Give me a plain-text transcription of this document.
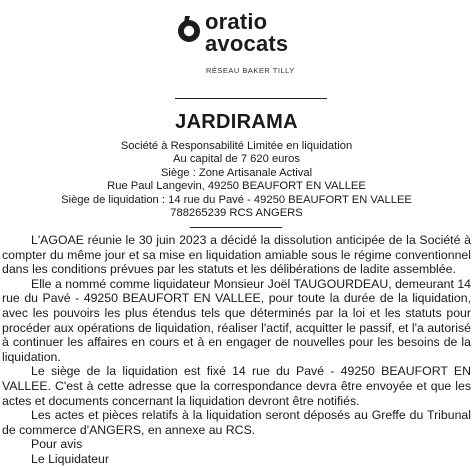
oratio
avocats
RÉSEAU BAKER TILLY
JARDIRAMA
Société à Responsabilité Limitée en liquidation
Au capital de 7 620 euros
Siège : Zone Artisanale Actival
Rue Paul Langevin, 49250 BEAUFORT EN VALLEE
Siège de liquidation : 14 rue du Pavé - 49250 BEAUFORT EN VALLEE
788265239 RCS ANGERS

L'AGOAE réunie le 30 juin 2023 a décidé la dissolution anticipée de la Société à compter du même jour et sa mise en liquidation amiable sous le régime conventionnel dans les conditions prévues par les statuts et les délibérations de ladite assemblée.

Elle a nommé comme liquidateur Monsieur Joël TAUGOURDEAU, demeurant 14 rue du Pavé - 49250 BEAUFORT EN VALLEE, pour toute la durée de la liquidation, avec les pouvoirs les plus étendus tels que déterminés par la loi et les statuts pour procéder aux opérations de liquidation, réaliser l'actif, acquitter le passif, et l'a autorisé à continuer les affaires en cours et à en engager de nouvelles pour les besoins de la liquidation.

Le siège de la liquidation est fixé 14 rue du Pavé - 49250 BEAUFORT EN VALLEE. C'est à cette adresse que la correspondance devra être envoyée et que les actes et documents concernant la liquidation devront être notifiés.

Les actes et pièces relatifs à la liquidation seront déposés au Greffe du Tribunal de commerce d'ANGERS, en annexe au RCS.

Pour avis

Le Liquidateur
